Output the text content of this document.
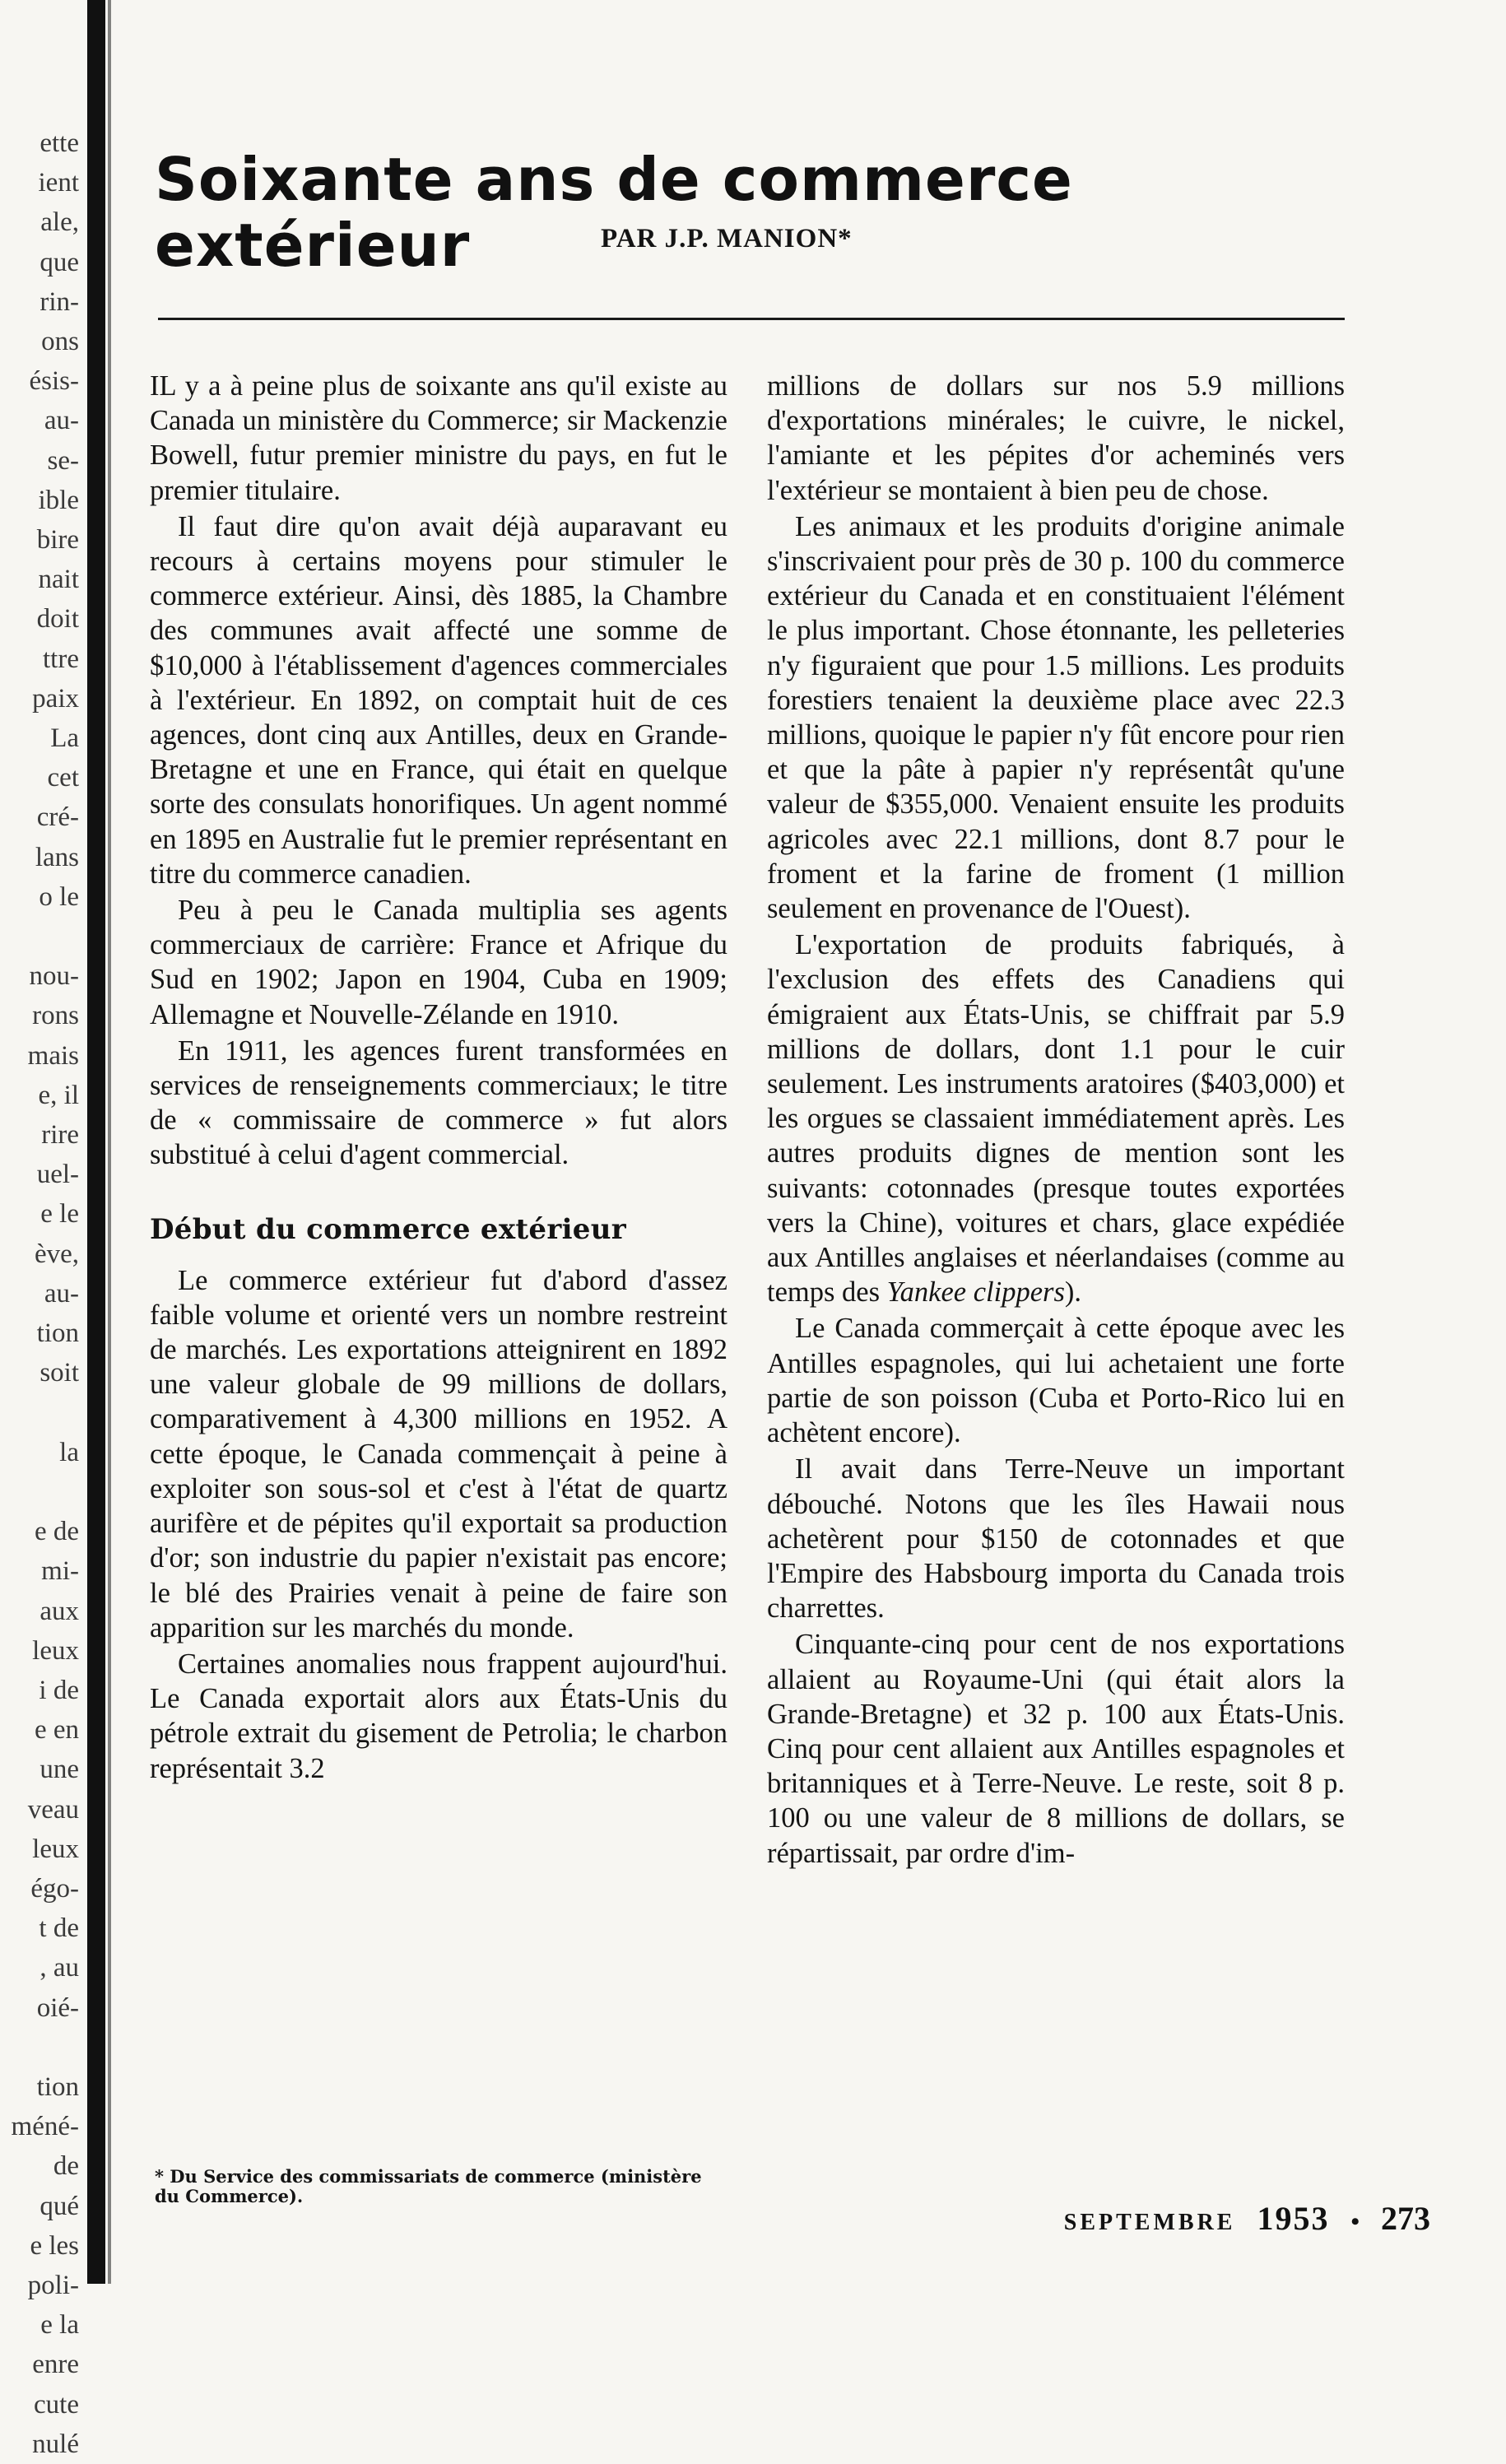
ette
ient
ale,
que
rin-
ons
ésis-
au-
se-
ible
bire
nait
doit
ttre
paix
La
cet
cré-
lans
o le

nou-
rons
mais
e, il
rire
uel-
e le
ève,
au-
tion
soit

la

e de
mi-
aux
leux
i de
e en
une
veau
leux
égo-
t de
, au
oié-

tion
méné-
de
qué
e les
poli-
e la
enre
cute
nulé
Soixante ans de commerce extérieur	PAR J.P. MANION*

IL y a à peine plus de soixante ans qu'il existe au Canada un ministère du Commerce; sir Mackenzie Bowell, futur premier ministre du pays, en fut le premier titulaire.

Il faut dire qu'on avait déjà auparavant eu recours à certains moyens pour stimuler le commerce extérieur. Ainsi, dès 1885, la Chambre des communes avait affecté une somme de $10,000 à l'établissement d'agences commerciales à l'extérieur. En 1892, on comptait huit de ces agences, dont cinq aux Antilles, deux en Grande-Bretagne et une en France, qui était en quelque sorte des consulats honorifiques. Un agent nommé en 1895 en Australie fut le premier représentant en titre du commerce canadien.

Peu à peu le Canada multiplia ses agents commerciaux de carrière: France et Afrique du Sud en 1902; Japon en 1904, Cuba en 1909; Allemagne et Nouvelle-Zélande en 1910.

En 1911, les agences furent transformées en services de renseignements commerciaux; le titre de « commissaire de commerce » fut alors substitué à celui d'agent commercial.

Début du commerce extérieur

Le commerce extérieur fut d'abord d'assez faible volume et orienté vers un nombre restreint de marchés. Les exportations atteignirent en 1892 une valeur globale de 99 millions de dollars, comparativement à 4,300 millions en 1952. A cette époque, le Canada commençait à peine à exploiter son sous-sol et c'est à l'état de quartz aurifère et de pépites qu'il exportait sa production d'or; son industrie du papier n'existait pas encore; le blé des Prairies venait à peine de faire son apparition sur les marchés du monde.

Certaines anomalies nous frappent aujourd'hui. Le Canada exportait alors aux États-Unis du pétrole extrait du gisement de Petrolia; le charbon représentait 3.2

* Du Service des commissariats de commerce (ministère du Commerce).

millions de dollars sur nos 5.9 millions d'exportations minérales; le cuivre, le nickel, l'amiante et les pépites d'or acheminés vers l'extérieur se montaient à bien peu de chose.

Les animaux et les produits d'origine animale s'inscrivaient pour près de 30 p. 100 du commerce extérieur du Canada et en constituaient l'élément le plus important. Chose étonnante, les pelleteries n'y figuraient que pour 1.5 millions. Les produits forestiers tenaient la deuxième place avec 22.3 millions, quoique le papier n'y fût encore pour rien et que la pâte à papier n'y représentât qu'une valeur de $355,000. Venaient ensuite les produits agricoles avec 22.1 millions, dont 8.7 pour le froment et la farine de froment (1 million seulement en provenance de l'Ouest).

L'exportation de produits fabriqués, à l'exclusion des effets des Canadiens qui émigraient aux États-Unis, se chiffrait par 5.9 millions de dollars, dont 1.1 pour le cuir seulement. Les instruments aratoires ($403,000) et les orgues se classaient immédiatement après. Les autres produits dignes de mention sont les suivants: cotonnades (presque toutes exportées vers la Chine), voitures et chars, glace expédiée aux Antilles anglaises et néerlandaises (comme au temps des Yankee clippers).

Le Canada commerçait à cette époque avec les Antilles espagnoles, qui lui achetaient une forte partie de son poisson (Cuba et Porto-Rico lui en achètent encore).

Il avait dans Terre-Neuve un important débouché. Notons que les îles Hawaii nous achetèrent pour $150 de cotonnades et que l'Empire des Habsbourg importa du Canada trois charrettes.

Cinquante-cinq pour cent de nos exportations allaient au Royaume-Uni (qui était alors la Grande-Bretagne) et 32 p. 100 aux États-Unis. Cinq pour cent allaient aux Antilles espagnoles et britanniques et à Terre-Neuve. Le reste, soit 8 p. 100 ou une valeur de 8 millions de dollars, se répartissait, par ordre d'im-

SEPTEMBRE 1953 • 273
